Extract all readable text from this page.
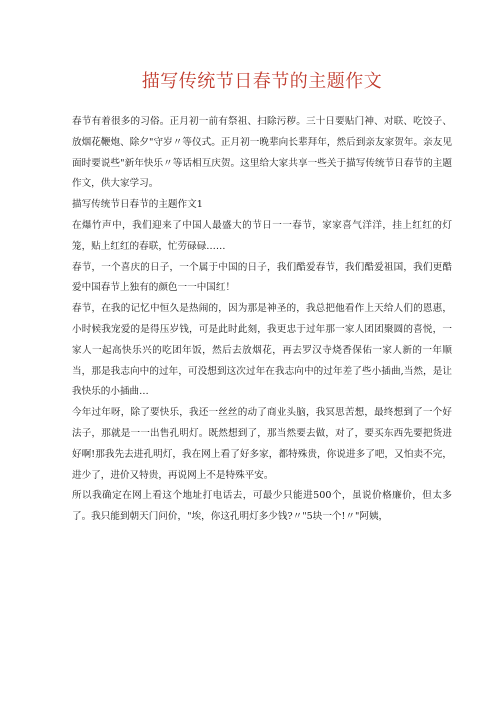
描写传统节日春节的主题作文

春节有着很多的习俗。正月初一前有祭祖、扫除污秽。三十日要贴门神、对联、吃饺子、放烟花鞭炮、除夕"守岁〃等仪式。正月初一晚辈向长辈拜年，然后到亲友家贺年。亲友见面时要说些"新年快乐〃等话相互庆贺。这里给大家共享一些关于描写传统节日春节的主题作文，供大家学习。

描写传统节日春节的主题作文1

在爆竹声中，我们迎来了中国人最盛大的节日一一春节，家家喜气洋洋，挂上红红的灯笼，贴上红红的春联，忙劳碌碌……

春节，一个喜庆的日子，一个属于中国的日子，我们酷爱春节，我们酷爱祖国，我们更酷爱中国春节上独有的颜色一一中国红！

春节，在我的记忆中恒久是热闹的，因为那是神圣的，我总把他看作上天给人们的恩惠，小时候我宠爱的是得压岁钱，可是此时此刻，我更忠于过年那一家人团团聚圆的喜悦，一家人一起高快乐兴的吃团年饭，然后去放烟花，再去罗汉寺烧香保佑一家人新的一年顺当，那是我志向中的过年，可没想到这次过年在我志向中的过年差了些小插曲,当然，是让我快乐的小插曲…

今年过年呀，除了要快乐，我还一丝丝的动了商业头脑，我冥思苦想，最终想到了一个好法子，那就是一一出售孔明灯。既然想到了，那当然要去做，对了，要买东西先要把货进好啊!那我先去进孔明灯，我在网上看了好多家，都特殊贵，你说进多了吧，又怕卖不完，进少了，进价又特贵，再说网上不是特殊平安。

所以我确定在网上看这个地址打电话去，可最少只能进500个，虽说价格廉价，但太多了。我只能到朝天门问价，"埃，你这孔明灯多少钱?〃"5块一个!〃"阿姨，
